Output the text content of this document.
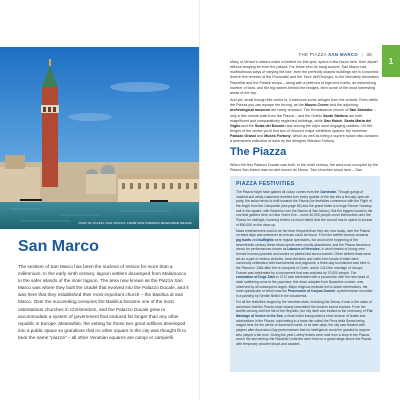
VIEW OF PIAZZA SAN MARCO FROM SAN GIORGIO MAGGIORE ISLAND
San Marco

The sestiere of San Marco has been the nucleus of Venice for more than a millennium. In the early ninth century, lagoon settlers decamped from Malamocco to the safer islands of the inner lagoon. The area now known as the Piazza San Marco was where they built the citadel that evolved into the Palazzo Ducale, and it was here that they established their most important church – the Basilica di San Marco. Over the succeeding centuries the Basilica became one of the most ostentatious churches in Christendom, and the Palazzo Ducale grew to accommodate a system of government that endured far longer than any other republic in Europe. Meanwhile, the setting for these two great edifices developed into a public space so grandiose that no other square in the city was thought fit to bear the name "piazza" – all other Venetian squares are campi or campielli.

THE PIAZZA SAN MARCO | 35
1

Many of Venice's visitors make a beeline for this spot, spend a few hours here, then depart without straying far from the piazza. For those who do hang around, San Marco has multitudinous ways of varying the tour: from the perfectly shaped buildings set in concentric lines in the reverse of the Procuratie and the Torre dell'Orologio, to the intricately decorated Piazzetta and the Palace shops – along with a plethora of high-end hotels, an astonishing number of bars, and the big names behind the bridges, then some of the most interesting areas of the city.

And yet, small though this centre is, it harbours some refuges from the crowds. Even within the Piazza you can escape the throng, as the Museo Correr and the adjoining archeological museum are rarely crowded. The Renaissance church of San Salvador – only a five-minute walk from the Piazza – and the Gothic Santo Stefano are both magnificent and comparatively neglected buildings, while San Moisè, Santa Maria del Giglio and the Scala del Bovolo rank among the city's most engaging oddities. On the fringes of the centre you'll find two of Venice's major exhibition spaces: the immense Palazzo Grassi and Museo Fortuny, which as well as being a superb space also contains a permanent collection of work by the designer Mariano Fortuny.

The Piazza

When the first Palazzo Ducale was built, in the ninth century, the area now occupied by the Piazza San Marco was an islet known as Morso. Two churches stood here – San

PIAZZA FESTIVITIES

The Piazza might have gained all colour comes from the Carnevale. Though gangs of masked and wildly costumed revellers turn every quarter of the city into a ten-day open-air party, the action tends to shift towards the Piazza (for festivities commence with the Flight of the Angel from the Campanile (see page 86) and the grand finale is a huge Shrove Tuesday ball in the square, with fireworks over the Bacino di San Marco). But the biggest crowd is the one that gathers here on New Year's Eve – some 40,000 people crush themselves onto the Piazza for midnight, hovering behind so much debris that the council has to spend in excess of €50,000 on the clear-up.

Mass entertainment used to be far more frequent than they are now today, over the Piazza on feast days and whenever an excuse could be found. From the twelfth century onwards pig hunts and bullfights were regular spectacles, but around the beginning of the seventeenth century these blood sports were mostly abandoned, and the Piazza became a venue for performances known as Labours of Hercules, in which teams of young men formed human pyramids and towers on planks laid across barrels. Other athletic feats were set as a part of various victories, local elections and visits from heads of state were commonly celebrated with tournaments and pageants; a three-day tournament was held in the Piazza in 1364 after the re-conquest of Crete, and in 1413 the marriage of Jacopo Foscari was celebrated by a tournament that was watched by 70,000 people. The coronation of Doge Ziani in 1172 was celebrated with a procession with the new head of state scattering coins to the populace; this ritual, adapted from Byzantine custom, was observed by all subsequent doges. Major religious festivals led to lavish celebrations, the most spectacular of which was the Procession of Corpus Domini, a performance recorded in a painting by Gentile Bellini in the Accademia.

For all the festivities staged by the Venetian state, including the Sensa, it was in the wake of ascension that the Piazza most closely resembled the modern tourist enclave. From the twelfth century until the fall of the Republic, the city itself was treated to the ceremony of The Marriage of Venice to the Sea, a ritual which inaugurated a short season of feasts and celebrations in the Piazza, culminating in a trade fair called the Fiera della Sensa being staged here for the whole of Ascension week. In its later days, the city was flooded with players after Ascension Day performances that for intelligence would be granted to anyone who played a fair tune. During the year Lottery tickets were sold from a shop in the Piazza, and in the last century the Republic's lotteries were held on a grand stage above the Piazza with temporary wooden shops and arcades.
